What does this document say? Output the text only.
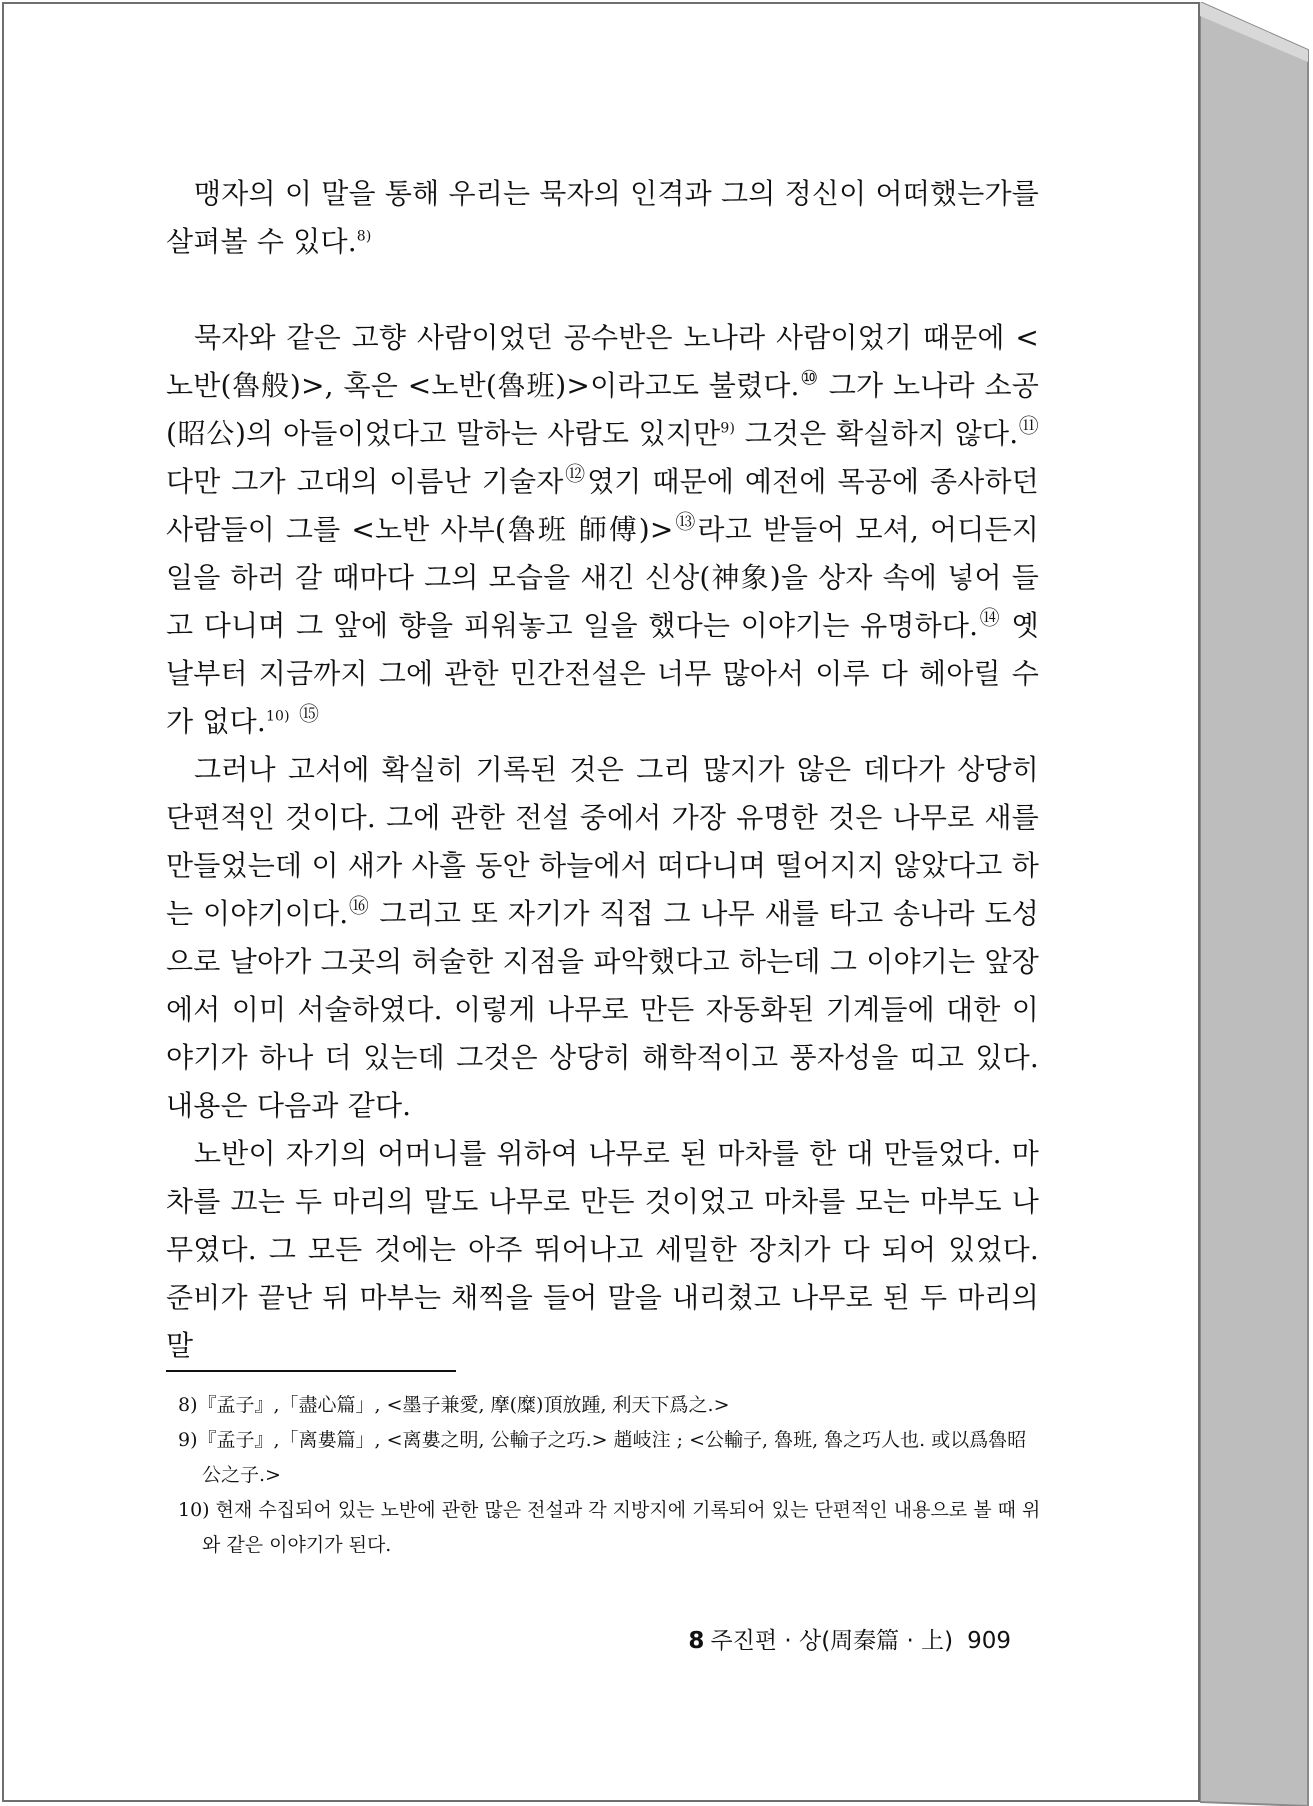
맹자의 이 말을 통해 우리는 묵자의 인격과 그의 정신이 어떠했는가를 살펴볼 수 있다.$^{8)}$

묵자와 같은 고향 사람이었던 공수반은 노나라 사람이었기 때문에 <노반(魯般)>, 혹은 <노반(魯班)>이라고도 불렸다.⑩ 그가 노나라 소공(昭公)의 아들이었다고 말하는 사람도 있지만$^{9)}$ 그것은 확실하지 않다.⑪ 다만 그가 고대의 이름난 기술자⑫였기 때문에 예전에 목공에 종사하던 사람들이 그를 <노반 사부(魯班 師傅)>⑬라고 받들어 모셔, 어디든지 일을 하러 갈 때마다 그의 모습을 새긴 신상(神象)을 상자 속에 넣어 들고 다니며 그 앞에 향을 피워놓고 일을 했다는 이야기는 유명하다.⑭ 옛날부터 지금까지 그에 관한 민간전설은 너무 많아서 이루 다 헤아릴 수가 없다.$^{10)}$ ⑮

그러나 고서에 확실히 기록된 것은 그리 많지가 않은 데다가 상당히 단편적인 것이다. 그에 관한 전설 중에서 가장 유명한 것은 나무로 새를 만들었는데 이 새가 사흘 동안 하늘에서 떠다니며 떨어지지 않았다고 하는 이야기이다.⑯ 그리고 또 자기가 직접 그 나무 새를 타고 송나라 도성으로 날아가 그곳의 허술한 지점을 파악했다고 하는데 그 이야기는 앞장에서 이미 서술하였다. 이렇게 나무로 만든 자동화된 기계들에 대한 이야기가 하나 더 있는데 그것은 상당히 해학적이고 풍자성을 띠고 있다. 내용은 다음과 같다.

노반이 자기의 어머니를 위하여 나무로 된 마차를 한 대 만들었다. 마차를 끄는 두 마리의 말도 나무로 만든 것이었고 마차를 모는 마부도 나무였다. 그 모든 것에는 아주 뛰어나고 세밀한 장치가 다 되어 있었다. 준비가 끝난 뒤 마부는 채찍을 들어 말을 내리쳤고 나무로 된 두 마리의 말

8)『孟子』,「盡心篇」, <墨子兼愛, 摩(糜)頂放踵, 利天下爲之.>

9)『孟子』,「离婁篇」, <离婁之明, 公輸子之巧.> 趙岐注 ; <公輸子, 魯班, 魯之巧人也. 或以爲魯昭公之子.>

10) 현재 수집되어 있는 노반에 관한 많은 전설과 각 지방지에 기록되어 있는 단편적인 내용으로 볼 때 위와 같은 이야기가 된다.

8 주진편 · 상(周秦篇 · 上) 909
